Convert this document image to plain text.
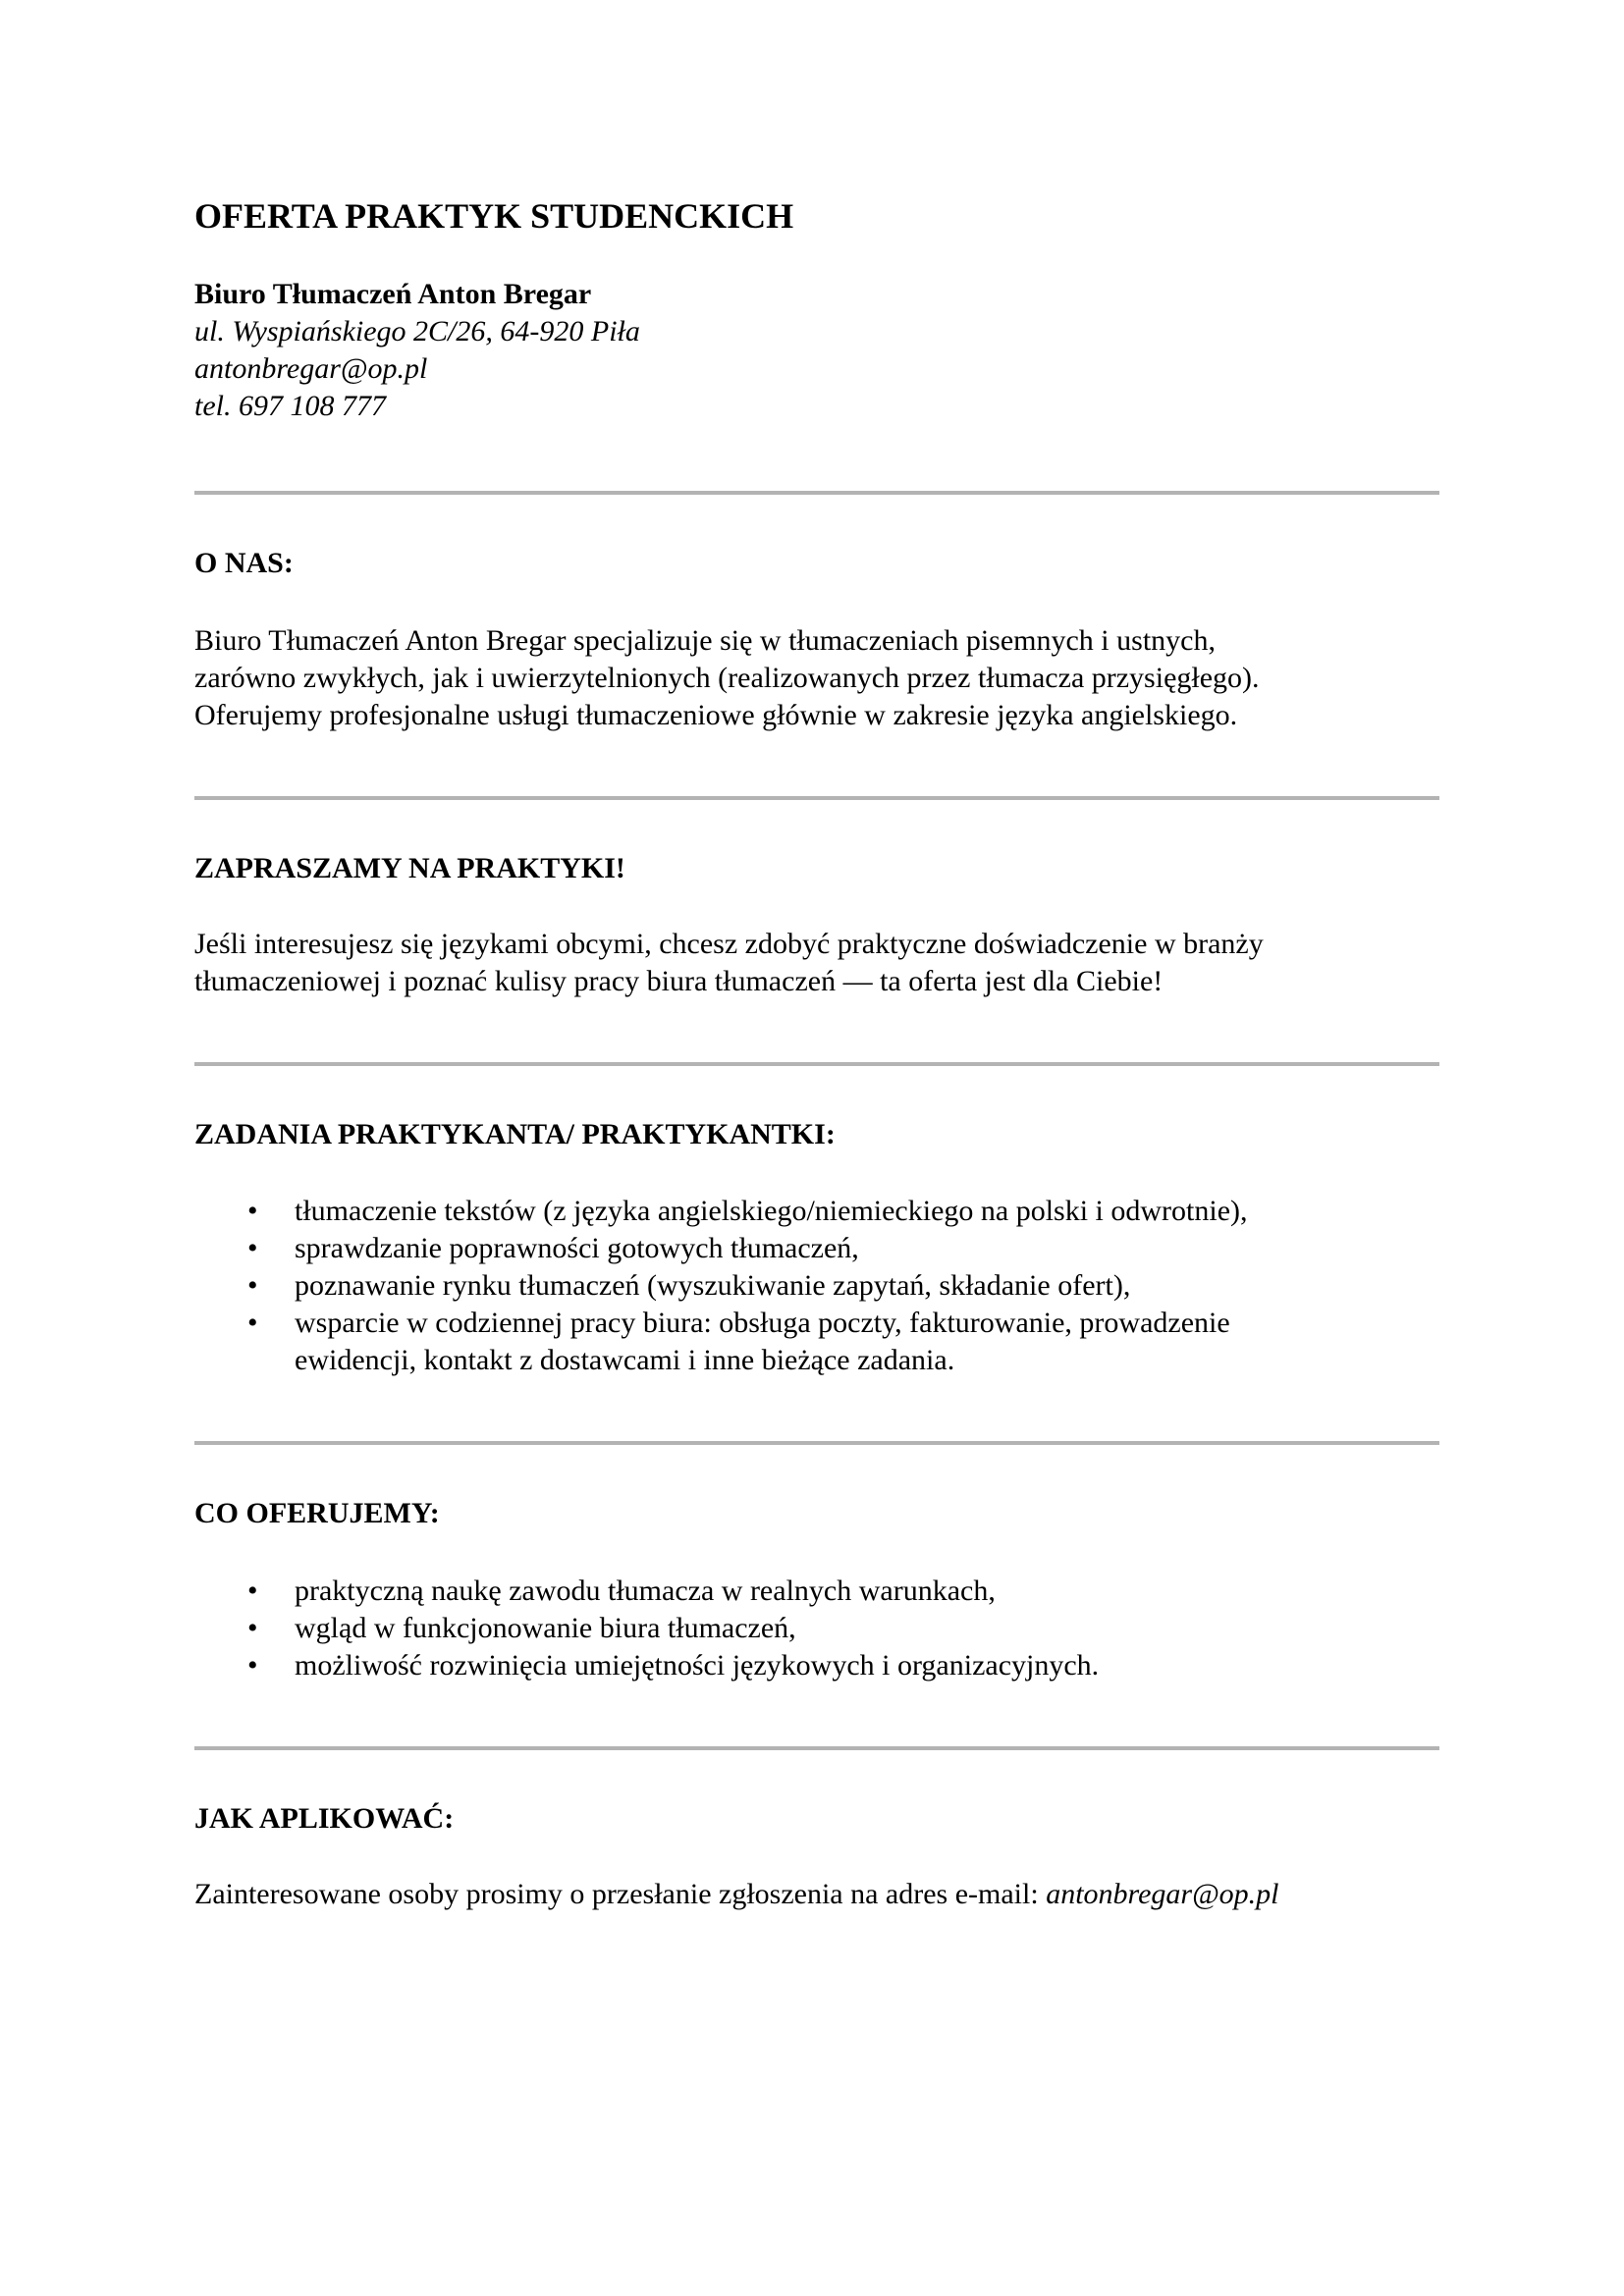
OFERTA PRAKTYK STUDENCKICH
Biuro Tłumaczeń Anton Bregar
ul. Wyspiańskiego 2C/26, 64-920 Piła
antonbregar@op.pl
tel. 697 108 777
O NAS:
Biuro Tłumaczeń Anton Bregar specjalizuje się w tłumaczeniach pisemnych i ustnych,
zarówno zwykłych, jak i uwierzytelnionych (realizowanych przez tłumacza przysięgłego).
Oferujemy profesjonalne usługi tłumaczeniowe głównie w zakresie języka angielskiego.
ZAPRASZAMY NA PRAKTYKI!
Jeśli interesujesz się językami obcymi, chcesz zdobyć praktyczne doświadczenie w branży
tłumaczeniowej i poznać kulisy pracy biura tłumaczeń — ta oferta jest dla Ciebie!
ZADANIA PRAKTYKANTA/ PRAKTYKANTKI:
• tłumaczenie tekstów (z języka angielskiego/niemieckiego na polski i odwrotnie),
• sprawdzanie poprawności gotowych tłumaczeń,
• poznawanie rynku tłumaczeń (wyszukiwanie zapytań, składanie ofert),
• wsparcie w codziennej pracy biura: obsługa poczty, fakturowanie, prowadzenie
ewidencji, kontakt z dostawcami i inne bieżące zadania.
CO OFERUJEMY:
• praktyczną naukę zawodu tłumacza w realnych warunkach,
• wgląd w funkcjonowanie biura tłumaczeń,
• możliwość rozwinięcia umiejętności językowych i organizacyjnych.
JAK APLIKOWAĆ:
Zainteresowane osoby prosimy o przesłanie zgłoszenia na adres e-mail: antonbregar@op.pl
